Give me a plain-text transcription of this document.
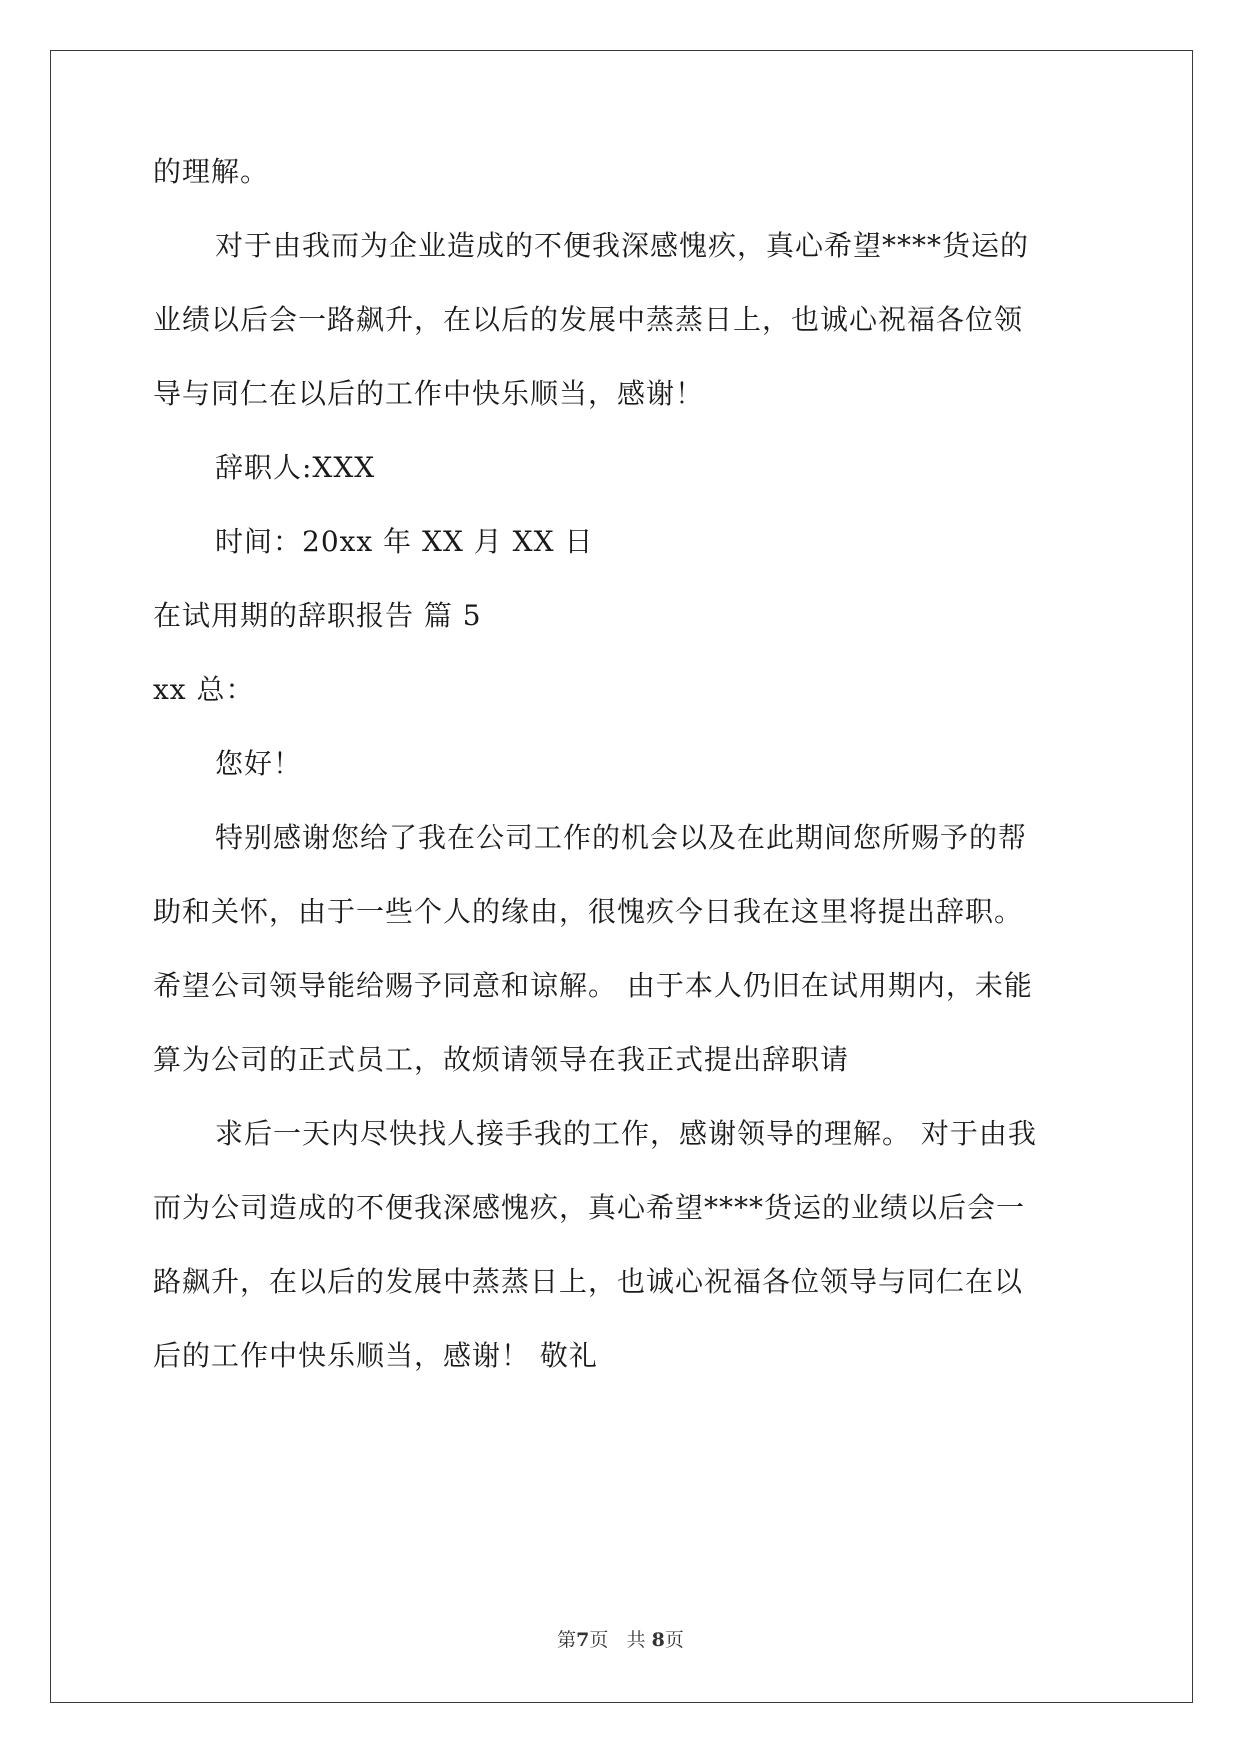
的理解。
对于由我而为企业造成的不便我深感愧疚，真心希望****货运的
业绩以后会一路飙升，在以后的发展中蒸蒸日上，也诚心祝福各位领
导与同仁在以后的工作中快乐顺当，感谢！
辞职人:XXX
时间：20xx 年 XX 月 XX 日
在试用期的辞职报告 篇 5
xx 总：
您好！
特别感谢您给了我在公司工作的机会以及在此期间您所赐予的帮
助和关怀，由于一些个人的缘由，很愧疚今日我在这里将提出辞职。
希望公司领导能给赐予同意和谅解。 由于本人仍旧在试用期内，未能
算为公司的正式员工，故烦请领导在我正式提出辞职请
求后一天内尽快找人接手我的工作，感谢领导的理解。 对于由我
而为公司造成的不便我深感愧疚，真心希望****货运的业绩以后会一
路飙升，在以后的发展中蒸蒸日上，也诚心祝福各位领导与同仁在以
后的工作中快乐顺当，感谢！ 敬礼
第7页 共 8页
